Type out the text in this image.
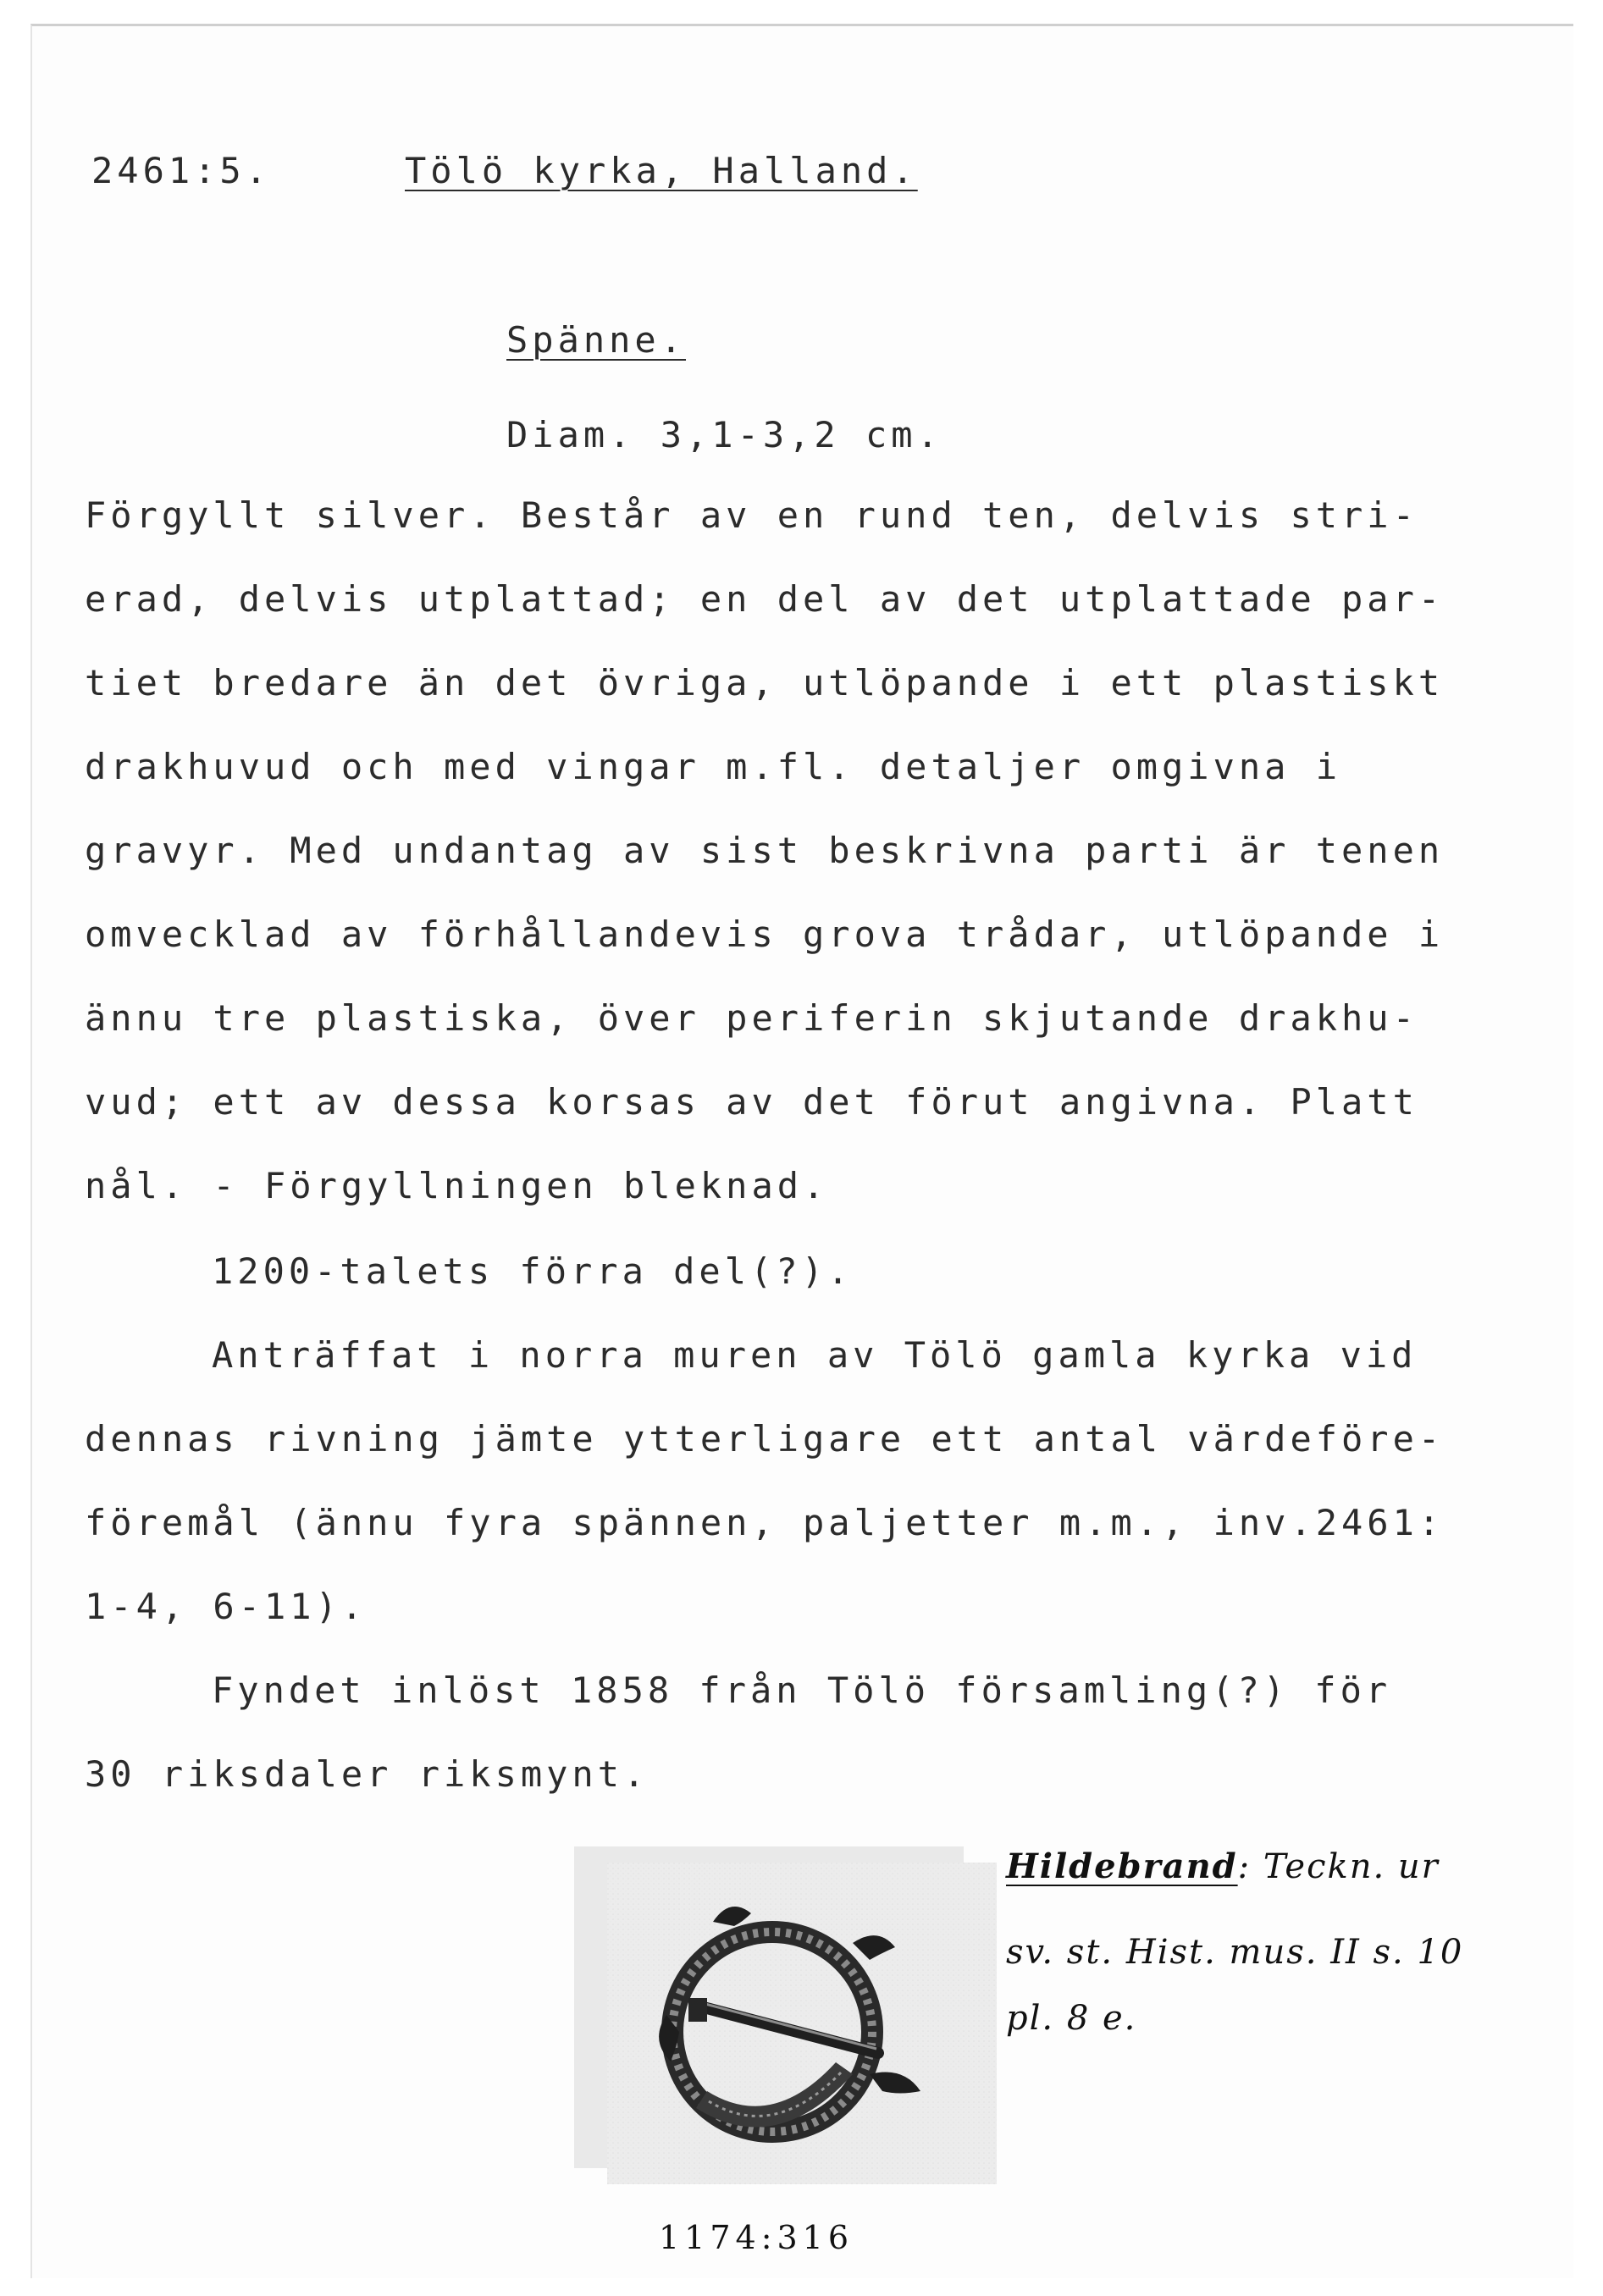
2461:5.	Tölö kyrka, Halland.
Spänne.
Diam. 3,1-3,2 cm.
Förgyllt silver. Består av en rund ten, delvis stri-
erad, delvis utplattad; en del av det utplattade par-
tiet bredare än det övriga, utlöpande i ett plastiskt
drakhuvud och med vingar m.fl. detaljer omgivna i
gravyr. Med undantag av sist beskrivna parti är tenen
omvecklad av förhållandevis grova trådar, utlöpande i
ännu tre plastiska, över periferin skjutande drakhu-
vud; ett av dessa korsas av det förut angivna. Platt
nål. - Förgyllningen bleknad.
1200-talets förra del(?).
Anträffat i norra muren av Tölö gamla kyrka vid
dennas rivning jämte ytterligare ett antal värdeföre-
föremål (ännu fyra spännen, paljetter m.m., inv.2461:
1-4, 6-11).
Fyndet inlöst 1858 från Tölö församling(?) för
30 riksdaler riksmynt.

Hildebrand: Teckn. ur
sv. st. Hist. mus. II s. 10
pl. 8 e.
1174:316
